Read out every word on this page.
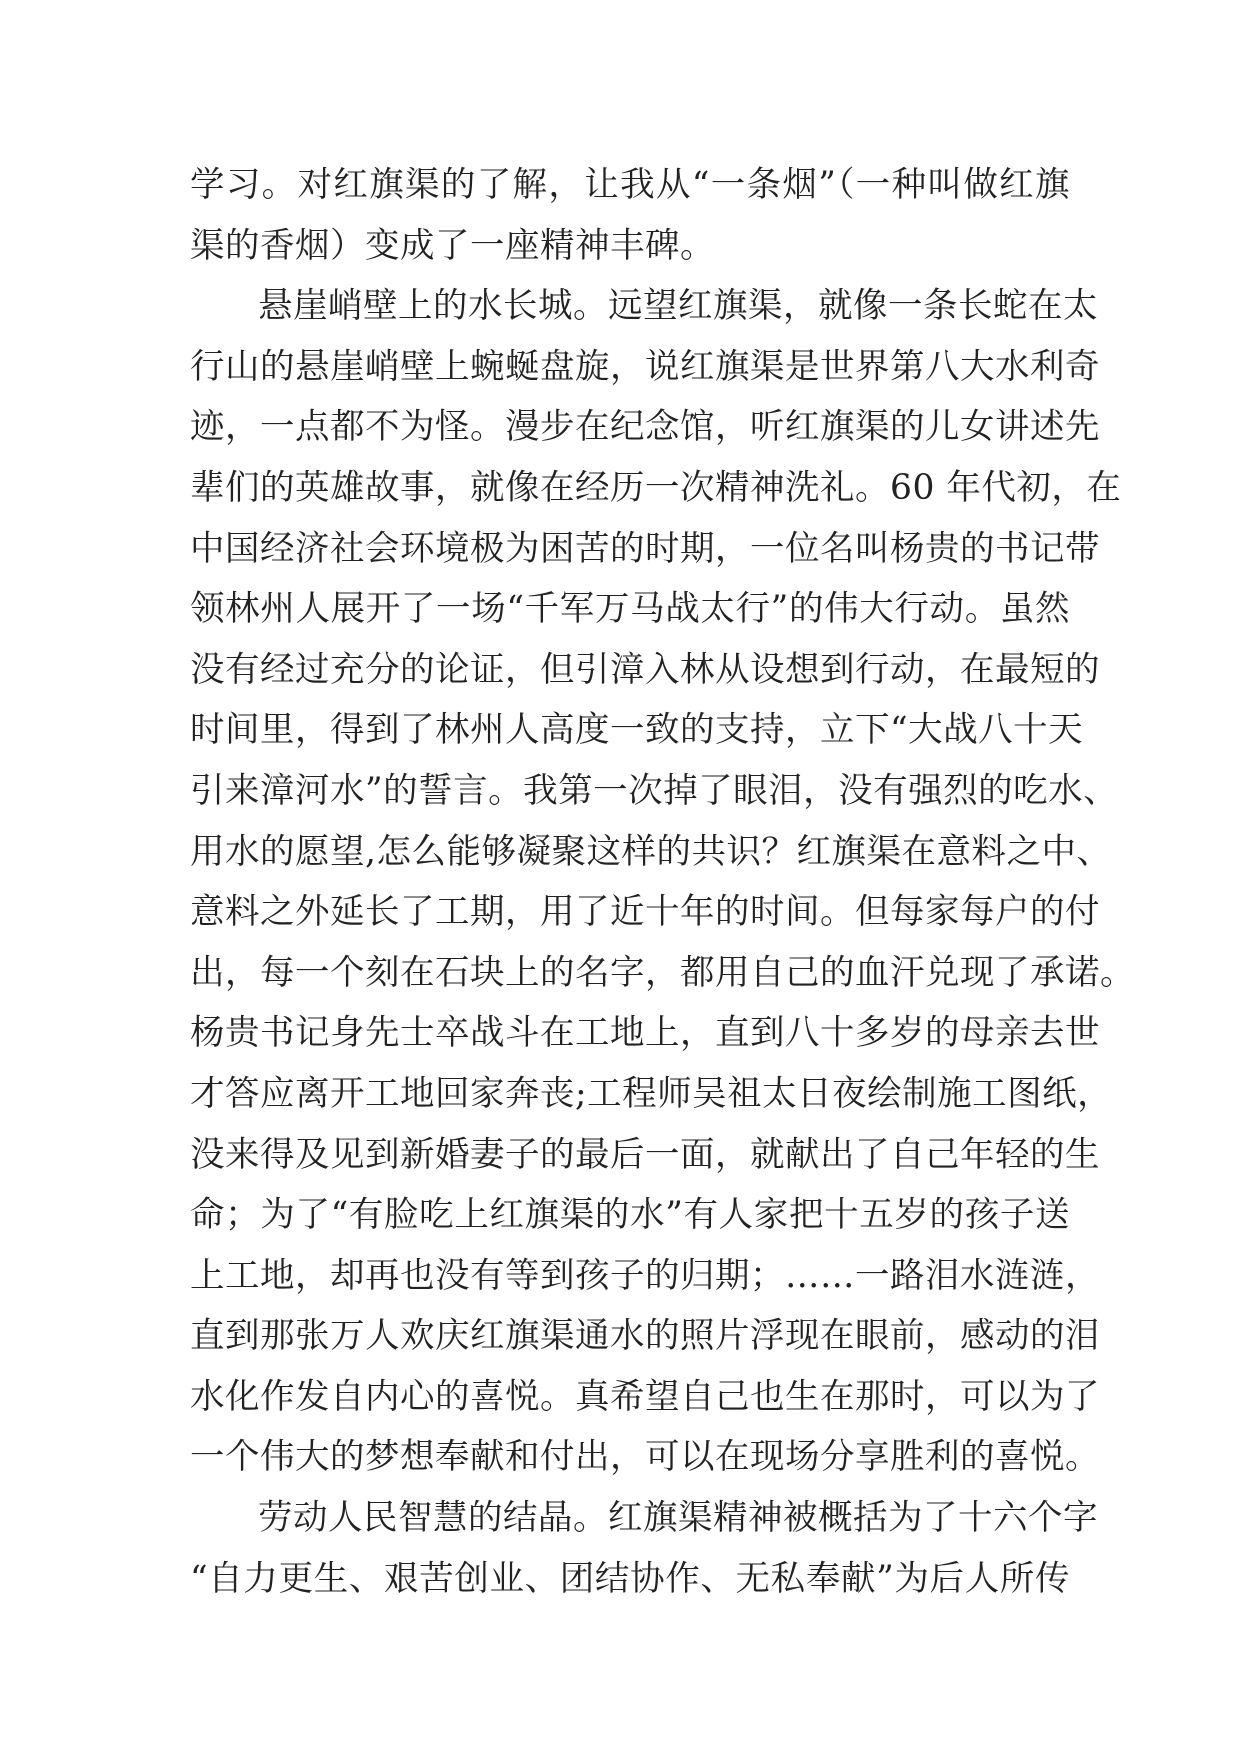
学习。对红旗渠的了解，让我从“一条烟”（一种叫做红旗
渠的香烟）变成了一座精神丰碑。
悬崖峭壁上的水长城。远望红旗渠，就像一条长蛇在太
行山的悬崖峭壁上蜿蜒盘旋，说红旗渠是世界第八大水利奇
迹，一点都不为怪。漫步在纪念馆，听红旗渠的儿女讲述先
辈们的英雄故事，就像在经历一次精神洗礼。60 年代初，在
中国经济社会环境极为困苦的时期，一位名叫杨贵的书记带
领林州人展开了一场“千军万马战太行”的伟大行动。虽然
没有经过充分的论证，但引漳入林从设想到行动，在最短的
时间里，得到了林州人高度一致的支持，立下“大战八十天
引来漳河水”的誓言。我第一次掉了眼泪，没有强烈的吃水、
用水的愿望,怎么能够凝聚这样的共识？红旗渠在意料之中、
意料之外延长了工期，用了近十年的时间。但每家每户的付
出，每一个刻在石块上的名字，都用自己的血汗兑现了承诺。
杨贵书记身先士卒战斗在工地上，直到八十多岁的母亲去世
才答应离开工地回家奔丧;工程师吴祖太日夜绘制施工图纸，
没来得及见到新婚妻子的最后一面，就献出了自己年轻的生
命；为了“有脸吃上红旗渠的水”有人家把十五岁的孩子送
上工地，却再也没有等到孩子的归期；……一路泪水涟涟，
直到那张万人欢庆红旗渠通水的照片浮现在眼前，感动的泪
水化作发自内心的喜悦。真希望自己也生在那时，可以为了
一个伟大的梦想奉献和付出，可以在现场分享胜利的喜悦。
劳动人民智慧的结晶。红旗渠精神被概括为了十六个字
“自力更生、艰苦创业、团结协作、无私奉献”为后人所传
